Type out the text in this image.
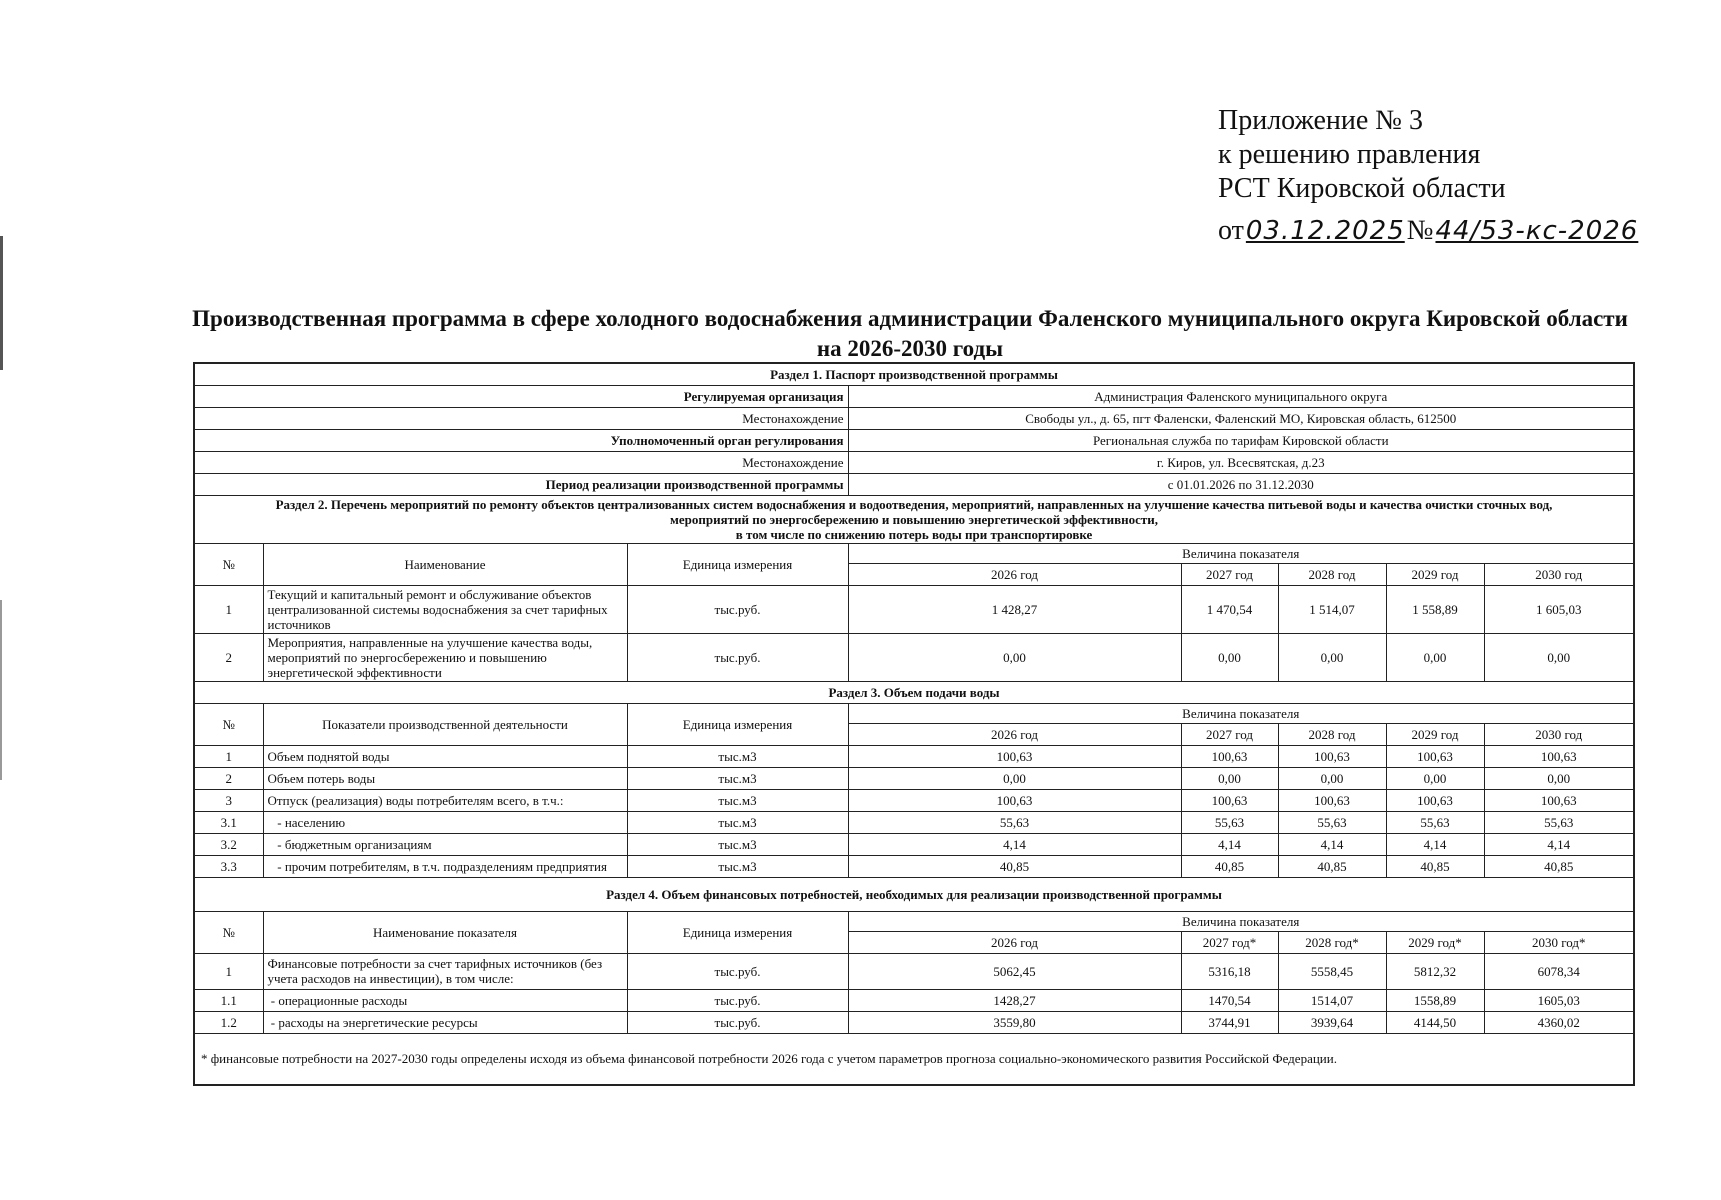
Приложение № 3
к решению правления
РСТ Кировской области
от 03.12.2025 № 44/53-кс-2026
Производственная программа в сфере холодного водоснабжения администрации Фаленского муниципального округа Кировской области
на 2026-2030 годы
Раздел 1. Паспорт производственной программы							
Регулируемая организация			Администрация Фаленского муниципального округа				
Местонахождение			Свободы ул., д. 65, пгт Фаленски, Фаленский МО, Кировская область, 612500				
Уполномоченный орган регулирования			Региональная служба по тарифам Кировской области				
Местонахождение			г. Киров, ул. Всесвятская, д.23				
Период реализации производственной программы			с 01.01.2026 по 31.12.2030				

Раздел 2. Перечень мероприятий по ремонту объектов централизованных систем водоснабжения и водоотведения, мероприятий, направленных на улучшение качества питьевой воды и качества очистки сточных вод,
мероприятий по энергосбережению и повышению энергетической эффективности,
в том числе по снижению потерь воды при транспортировке							

№	Наименование	Единица измерения	Величина показателя				
			2026 год	2027 год	2028 год	2029 год	2030 год
1	Текущий и капитальный ремонт и обслуживание объектов централизованной системы водоснабжения за счет тарифных источников	тыс.руб.	1 428,27	1 470,54	1 514,07	1 558,89	1 605,03
2	Мероприятия, направленные на улучшение качества воды, мероприятий по энергосбережению и повышению энергетической эффективности	тыс.руб.	0,00	0,00	0,00	0,00	0,00
Раздел 3. Объем подачи воды							
№	Показатели производственной деятельности	Единица измерения	Величина показателя				
			2026 год	2027 год	2028 год	2029 год	2030 год
1	Объем поднятой воды	тыс.м3	100,63	100,63	100,63	100,63	100,63
2	Объем потерь воды	тыс.м3	0,00	0,00	0,00	0,00	0,00
3	Отпуск (реализация) воды потребителям всего, в т.ч.:	тыс.м3	100,63	100,63	100,63	100,63	100,63
3.1	- населению	тыс.м3	55,63	55,63	55,63	55,63	55,63
3.2	- бюджетным организациям	тыс.м3	4,14	4,14	4,14	4,14	4,14
3.3	- прочим потребителям, в т.ч. подразделениям предприятия	тыс.м3	40,85	40,85	40,85	40,85	40,85
Раздел 4. Объем финансовых потребностей, необходимых для реализации производственной программы							
№	Наименование показателя	Единица измерения	Величина показателя				
			2026 год	2027 год*	2028 год*	2029 год*	2030 год*
1	Финансовые потребности за счет тарифных источников (без учета расходов на инвестиции), в том числе:	тыс.руб.	5062,45	5316,18	5558,45	5812,32	6078,34
1.1	- операционные расходы	тыс.руб.	1428,27	1470,54	1514,07	1558,89	1605,03
1.2	- расходы на энергетические ресурсы	тыс.руб.	3559,80	3744,91	3939,64	4144,50	4360,02
* финансовые потребности на 2027-2030 годы определены исходя из объема финансовой потребности 2026 года с учетом параметров прогноза социально-экономического развития Российской Федерации.							
